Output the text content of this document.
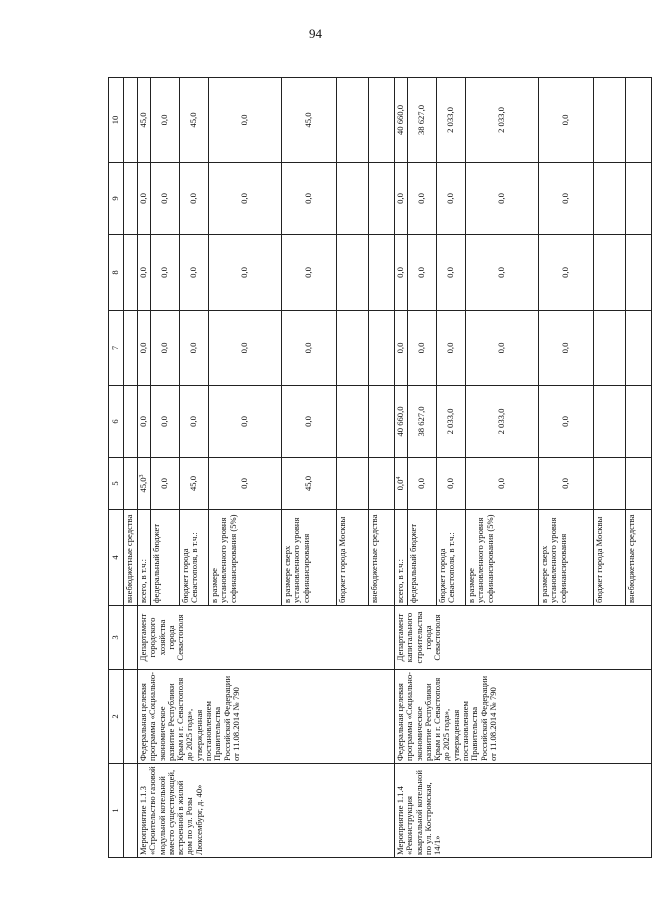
94
1	2	3	4	5	6	7	8	9	10
			внебюджетные средства						
Мероприятие 1.1.3 «Строительство газовой модульной котельной вместо существующей, встроенной в жилой дом по ул. Розы Люксембург, д. 40»	Федеральная целевая программа «Социально-экономическое развитие Республики Крым и г. Севастополя до 2025 года», утвержденная постановлением Правительства Российской Федерации от 11.08.2014 № 790	Департамент городского хозяйства города Севастополя	всего, в т.ч.:	45,0$^3$	0,0	0,0	0,0	0,0	45,0
			федеральный бюджет	0,0	0,0	0,0	0,0	0,0	0,0
			бюджет города Севастополя, в т.ч.:	45,0	0,0	0,0	0,0	0,0	45,0
			в размере установленного уровня софинансирования (5%)	0,0	0,0	0,0	0,0	0,0	0,0
			в размере сверх установленного уровня софинансирования	45,0	0,0	0,0	0,0	0,0	45,0
			бюджет города Москвы						
			внебюджетные средства						
Мероприятие 1.1.4 «Реконструкция квартальной котельной по ул. Костромская, 14/1»	Федеральная целевая программа «Социально-экономическое развитие Республики Крым и г. Севастополя до 2025 года», утвержденная постановлением Правительства Российской Федерации от 11.08.2014 № 790	Департамент капитального строительства города Севастополя	всего, в т.ч.:	$0,0^4$	40 660,0	0,0	0,0	0,0	40 660,0
			федеральный бюджет	0,0	38 627,0	0,0	0,0	0,0	38 627,0
			бюджет города Севастополя, в т.ч.:	0,0	2 033,0	0,0	0,0	0,0	2 033,0
			в размере установленного уровня софинансирования (5%)	0,0	2 033,0	0,0	0,0	0,0	2 033,0
			в размере сверх установленного уровня софинансирования	0,0	0,0	0,0	0,0	0,0	0,0
			бюджет города Москвы						
			внебюджетные средства						
